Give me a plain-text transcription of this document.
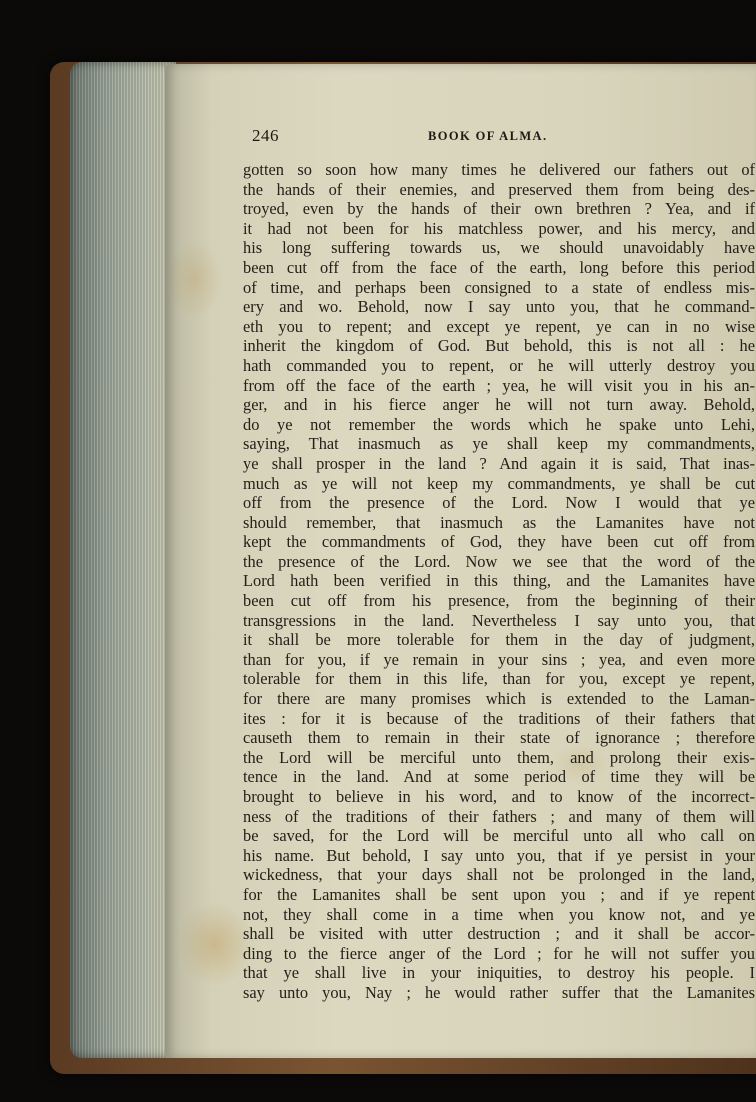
246	BOOK OF ALMA.
gotten so soon how many times he delivered our fathers out of
the hands of their enemies, and preserved them from being des-
troyed, even by the hands of their own brethren ? Yea, and if
it had not been for his matchless power, and his mercy, and
his long suffering towards us, we should unavoidably have
been cut off from the face of the earth, long before this period
of time, and perhaps been consigned to a state of endless mis-
ery and wo. Behold, now I say unto you, that he command-
eth you to repent; and except ye repent, ye can in no wise
inherit the kingdom of God. But behold, this is not all : he
hath commanded you to repent, or he will utterly destroy you
from off the face of the earth ; yea, he will visit you in his an-
ger, and in his fierce anger he will not turn away. Behold,
do ye not remember the words which he spake unto Lehi,
saying, That inasmuch as ye shall keep my commandments,
ye shall prosper in the land ? And again it is said, That inas-
much as ye will not keep my commandments, ye shall be cut
off from the presence of the Lord. Now I would that ye
should remember, that inasmuch as the Lamanites have not
kept the commandments of God, they have been cut off from
the presence of the Lord. Now we see that the word of the
Lord hath been verified in this thing, and the Lamanites have
been cut off from his presence, from the beginning of their
transgressions in the land. Nevertheless I say unto you, that
it shall be more tolerable for them in the day of judgment,
than for you, if ye remain in your sins ; yea, and even more
tolerable for them in this life, than for you, except ye repent,
for there are many promises which is extended to the Laman-
ites : for it is because of the traditions of their fathers that
causeth them to remain in their state of ignorance ; therefore
the Lord will be merciful unto them, and prolong their exis-
tence in the land. And at some period of time they will be
brought to believe in his word, and to know of the incorrect-
ness of the traditions of their fathers ; and many of them will
be saved, for the Lord will be merciful unto all who call on
his name. But behold, I say unto you, that if ye persist in your
wickedness, that your days shall not be prolonged in the land,
for the Lamanites shall be sent upon you ; and if ye repent
not, they shall come in a time when you know not, and ye
shall be visited with utter destruction ; and it shall be accor-
ding to the fierce anger of the Lord ; for he will not suffer you
that ye shall live in your iniquities, to destroy his people. I
say unto you, Nay ; he would rather suffer that the Lamanites
